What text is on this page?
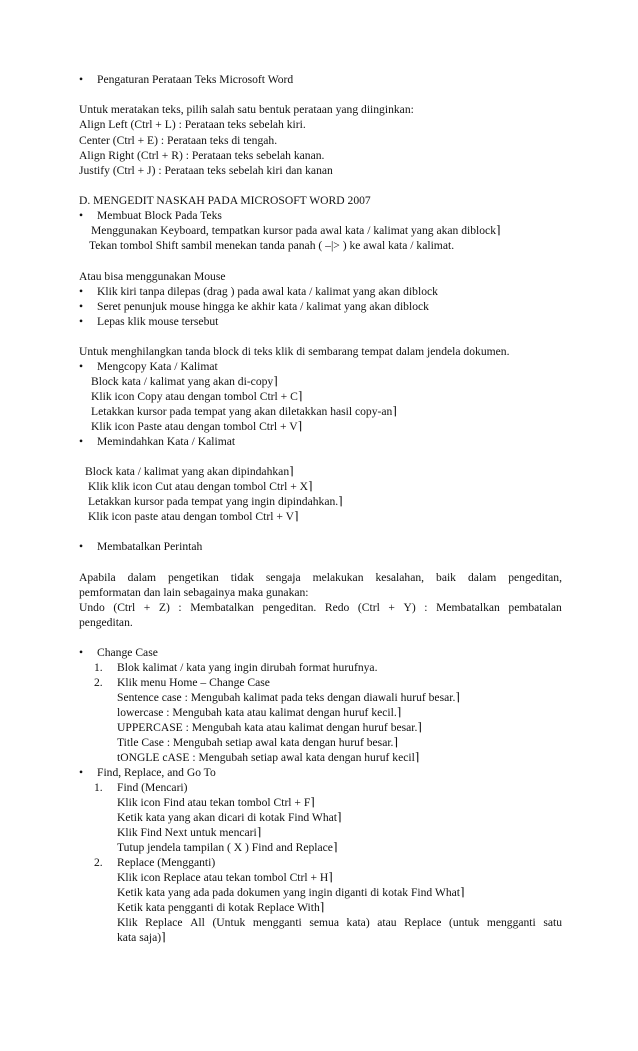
• Pengaturan Perataan Teks Microsoft Word
Untuk meratakan teks, pilih salah satu bentuk perataan yang diinginkan:
Align Left (Ctrl + L) : Perataan teks sebelah kiri.
Center (Ctrl + E) : Perataan teks di tengah.
Align Right (Ctrl + R) : Perataan teks sebelah kanan.
Justify (Ctrl + J) : Perataan teks sebelah kiri dan kanan
D. MENGEDIT NASKAH PADA MICROSOFT WORD 2007
• Membuat Block Pada Teks
Menggunakan Keyboard, tempatkan kursor pada awal kata / kalimat yang akan diblock⌉
Tekan tombol Shift sambil menekan tanda panah ( –|> ) ke awal kata / kalimat.
Atau bisa menggunakan Mouse
• Klik kiri tanpa dilepas (drag ) pada awal kata / kalimat yang akan diblock
• Seret penunjuk mouse hingga ke akhir kata / kalimat yang akan diblock
• Lepas klik mouse tersebut
Untuk menghilangkan tanda block di teks klik di sembarang tempat dalam jendela dokumen.
• Mengcopy Kata / Kalimat
Block kata / kalimat yang akan di-copy⌉
Klik icon Copy atau dengan tombol Ctrl + C⌉
Letakkan kursor pada tempat yang akan diletakkan hasil copy-an⌉
Klik icon Paste atau dengan tombol Ctrl + V⌉
• Memindahkan Kata / Kalimat
Block kata / kalimat yang akan dipindahkan⌉
Klik klik icon Cut atau dengan tombol Ctrl + X⌉
Letakkan kursor pada tempat yang ingin dipindahkan.⌉
Klik icon paste atau dengan tombol Ctrl + V⌉
• Membatalkan Perintah
Apabila dalam pengetikan tidak sengaja melakukan kesalahan, baik dalam pengeditan,
pemformatan dan lain sebagainya maka gunakan:
Undo (Ctrl + Z) : Membatalkan pengeditan. Redo (Ctrl + Y) : Membatalkan pembatalan
pengeditan.
• Change Case
1. Blok kalimat / kata yang ingin dirubah format hurufnya.
2. Klik menu Home – Change Case
Sentence case : Mengubah kalimat pada teks dengan diawali huruf besar.⌉
lowercase : Mengubah kata atau kalimat dengan huruf kecil.⌉
UPPERCASE : Mengubah kata atau kalimat dengan huruf besar.⌉
Title Case : Mengubah setiap awal kata dengan huruf besar.⌉
tONGLE cASE : Mengubah setiap awal kata dengan huruf kecil⌉
• Find, Replace, and Go To
1. Find (Mencari)
Klik icon Find atau tekan tombol Ctrl + F⌉
Ketik kata yang akan dicari di kotak Find What⌉
Klik Find Next untuk mencari⌉
Tutup jendela tampilan ( X ) Find and Replace⌉
2. Replace (Mengganti)
Klik icon Replace atau tekan tombol Ctrl + H⌉
Ketik kata yang ada pada dokumen yang ingin diganti di kotak Find What⌉
Ketik kata pengganti di kotak Replace With⌉
Klik Replace All (Untuk mengganti semua kata) atau Replace (untuk mengganti satu
kata saja)⌉
